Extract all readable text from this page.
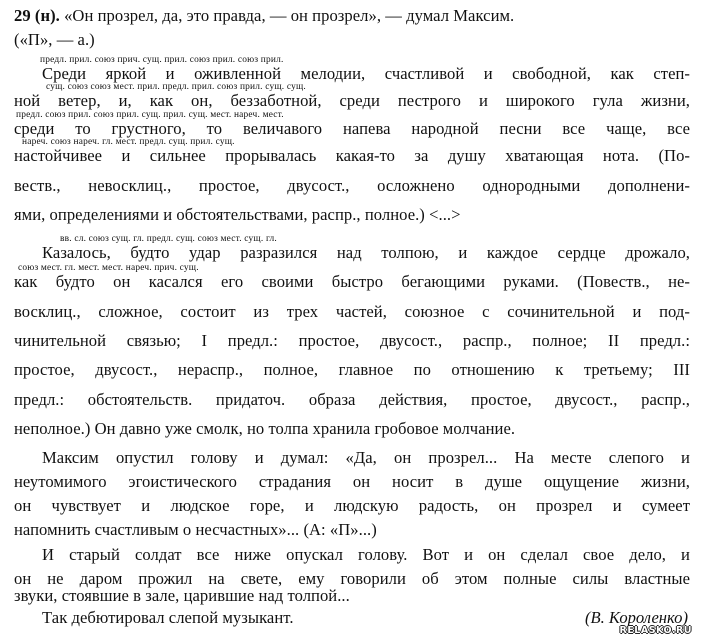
29 (н). «Он прозрел, да, это правда, — он прозрел», — думал Максим.
(«П», — а.)
предл. прил. союз прич. сущ. прил. союз прил. союз прил.
Среди яркой и оживленной мелодии, счастливой и свободной, как степ-
сущ. союз союз мест. прил. предл. прил. союз прил. сущ. сущ.
ной ветер, и, как он, беззаботной, среди пестрого и широкого гула жизни,
предл. союз прил. союз прил. сущ. прил. сущ. мест. нареч. мест.
среди то грустного, то величавого напева народной песни все чаще, все
нареч. союз нареч. гл. мест. предл. сущ. прил. сущ.
настойчивее и сильнее прорывалась какая-то за душу хватающая нота. (По-
веств., невосклиц., простое, двусост., осложнено однородными дополнени-
ями, определениями и обстоятельствами, распр., полное.) <...>
вв. сл. союз сущ. гл. предл. сущ. союз мест. сущ. гл.
Казалось, будто удар разразился над толпою, и каждое сердце дрожало,
союз мест. гл. мест. мест. нареч. прич. сущ.
как будто он касался его своими быстро бегающими руками. (Повеств., не-
восклиц., сложное, состоит из трех частей, союзное с сочинительной и под-
чинительной связью; I предл.: простое, двусост., распр., полное; II предл.:
простое, двусост., нераспр., полное, главное по отношению к третьему; III
предл.: обстоятельств. придаточ. образа действия, простое, двусост., распр.,
неполное.) Он давно уже смолк, но толпа хранила гробовое молчание.
Максим опустил голову и думал: «Да, он прозрел... На месте слепого и
неутомимого эгоистического страдания он носит в душе ощущение жизни,
он чувствует и людское горе, и людскую радость, он прозрел и сумеет
напомнить счастливым о несчастных»... (А: «П»...)
И старый солдат все ниже опускал голову. Вот и он сделал свое дело, и
он не даром прожил на свете, ему говорили об этом полные силы властные
звуки, стоявшие в зале, царившие над толпой...
Так дебютировал слепой музыкант.	(В. Короленко)
RELASKO.RU
